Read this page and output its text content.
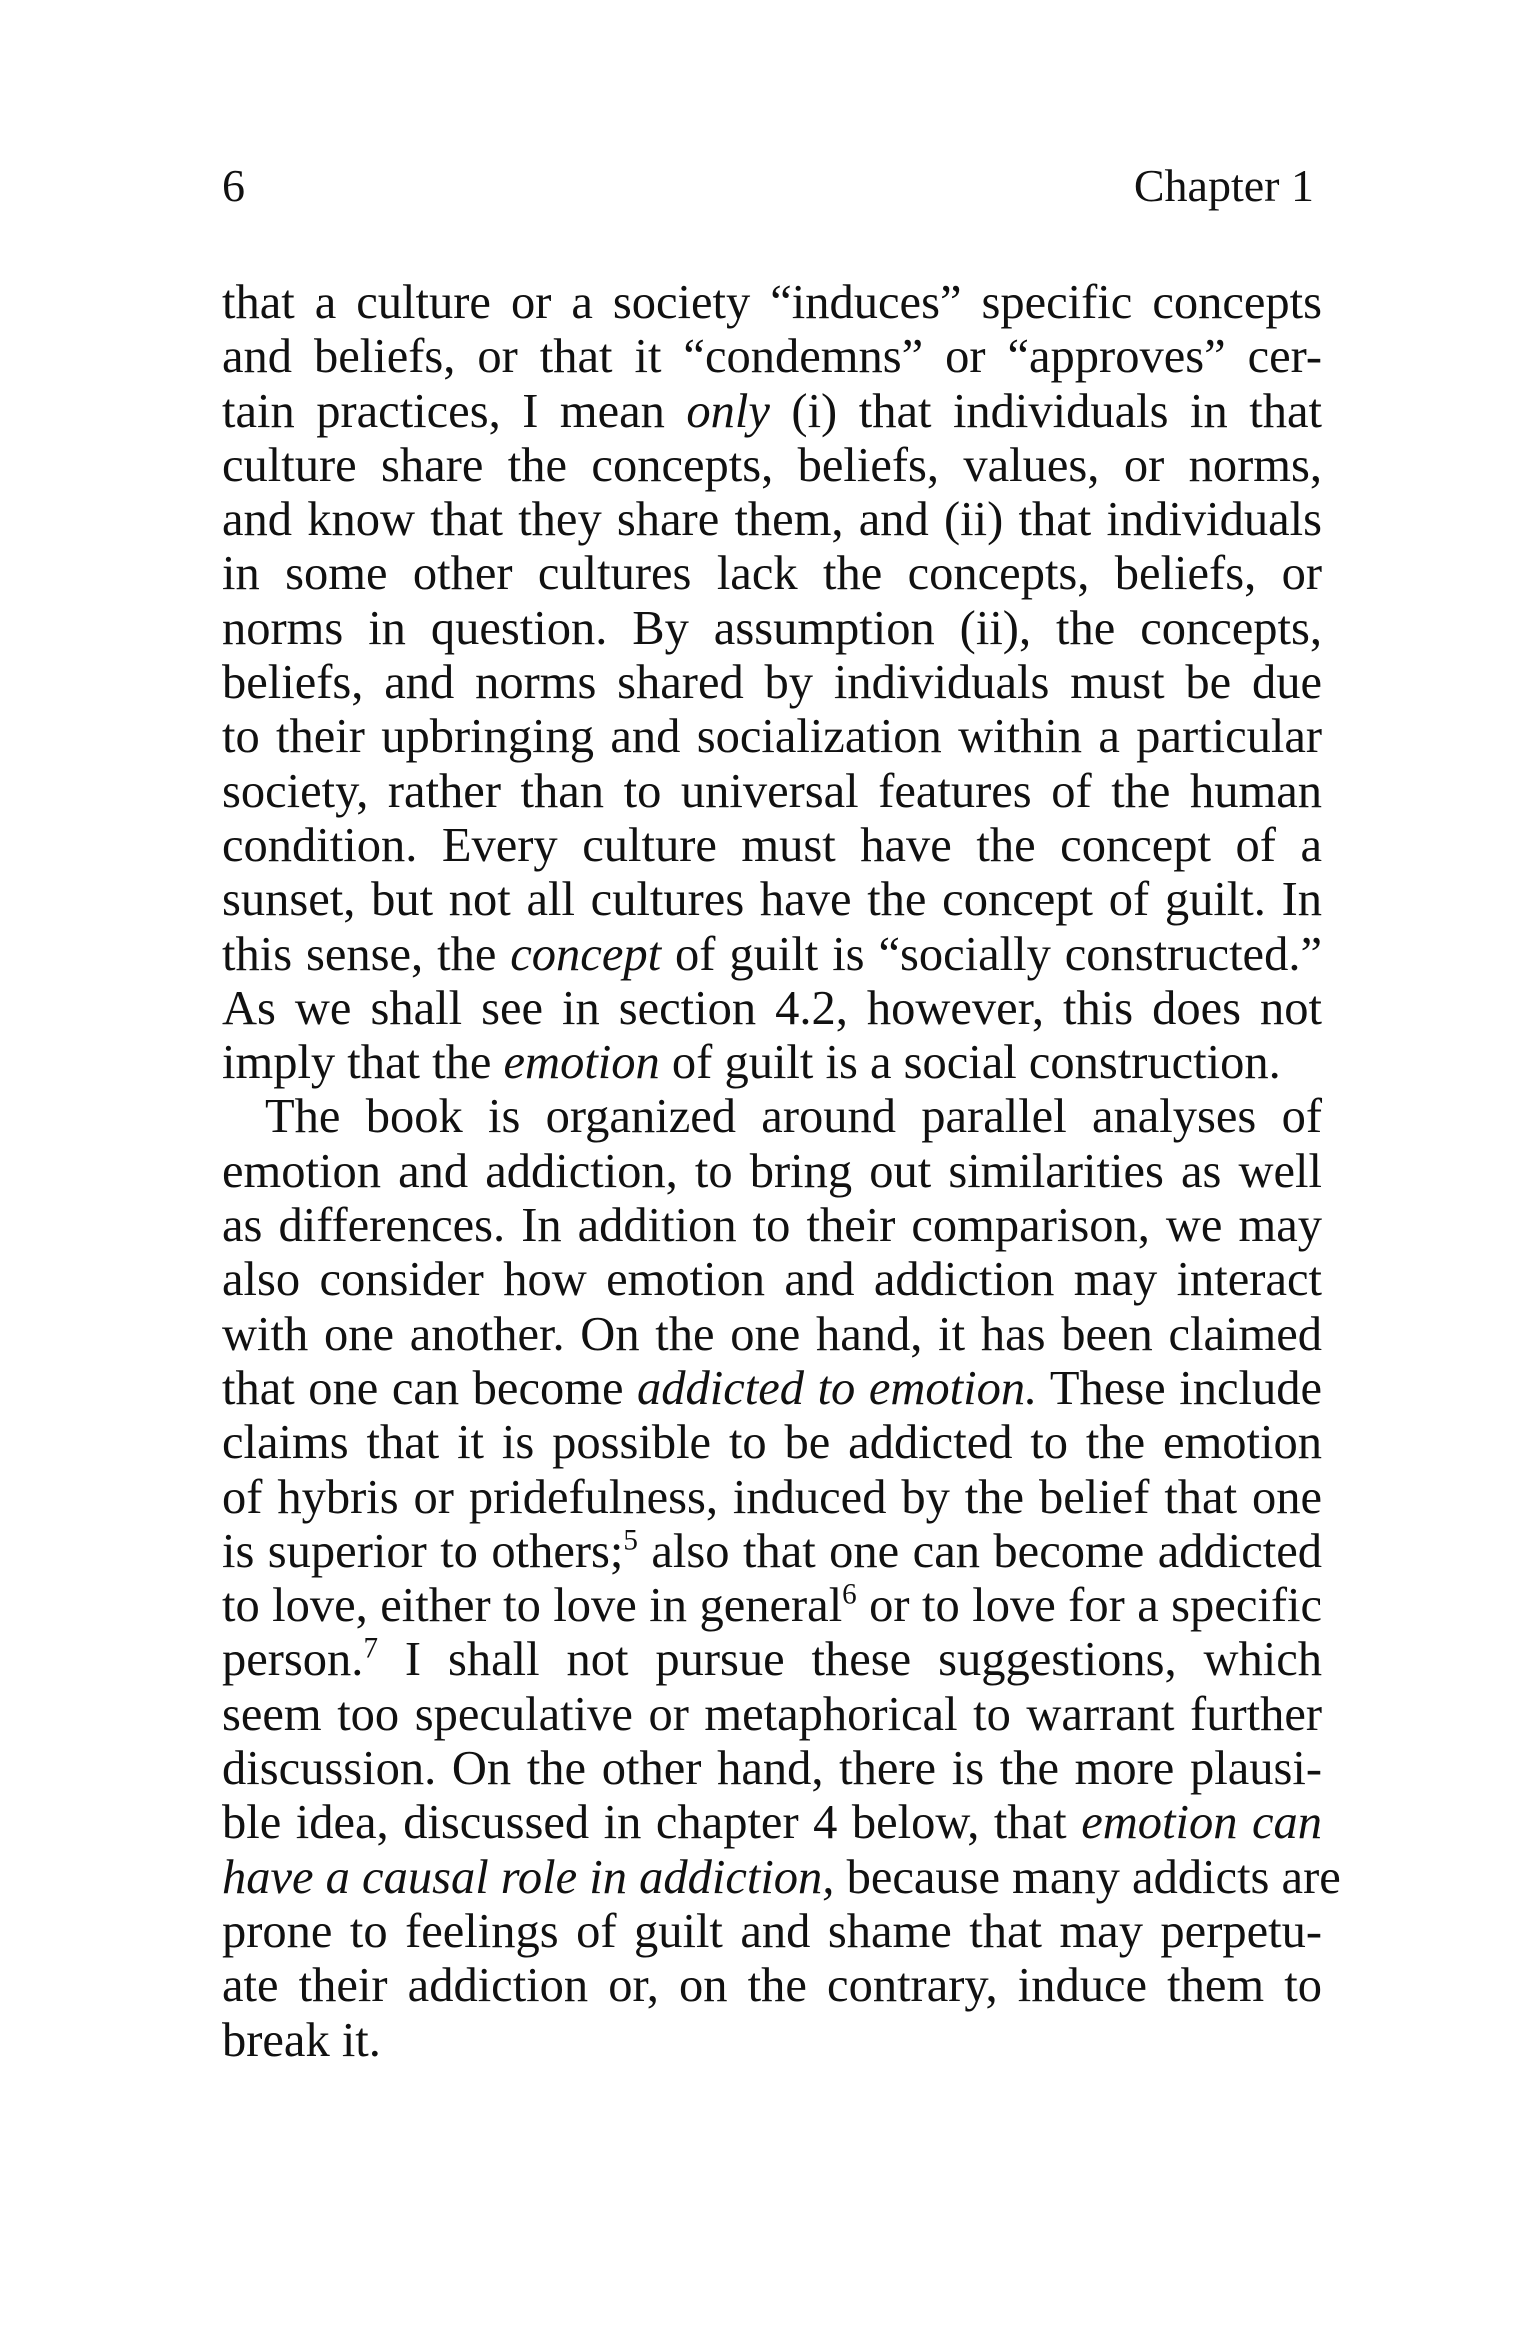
6	Chapter 1
that a culture or a society “induces” specific concepts
and beliefs, or that it “condemns” or “approves” cer-
tain practices, I mean only (i) that individuals in that
culture share the concepts, beliefs, values, or norms,
and know that they share them, and (ii) that individuals
in some other cultures lack the concepts, beliefs, or
norms in question. By assumption (ii), the concepts,
beliefs, and norms shared by individuals must be due
to their upbringing and socialization within a particular
society, rather than to universal features of the human
condition. Every culture must have the concept of a
sunset, but not all cultures have the concept of guilt. In
this sense, the concept of guilt is “socially constructed.”
As we shall see in section 4.2, however, this does not
imply that the emotion of guilt is a social construction.
The book is organized around parallel analyses of
emotion and addiction, to bring out similarities as well
as differences. In addition to their comparison, we may
also consider how emotion and addiction may interact
with one another. On the one hand, it has been claimed
that one can become addicted to emotion. These include
claims that it is possible to be addicted to the emotion
of hybris or pridefulness, induced by the belief that one
is superior to others;$^5$ also that one can become addicted
to love, either to love in general$^6$ or to love for a specific
person.$^7$ I shall not pursue these suggestions, which
seem too speculative or metaphorical to warrant further
discussion. On the other hand, there is the more plausi-
ble idea, discussed in chapter 4 below, that emotion can
have a causal role in addiction, because many addicts are
prone to feelings of guilt and shame that may perpetu-
ate their addiction or, on the contrary, induce them to
break it.
